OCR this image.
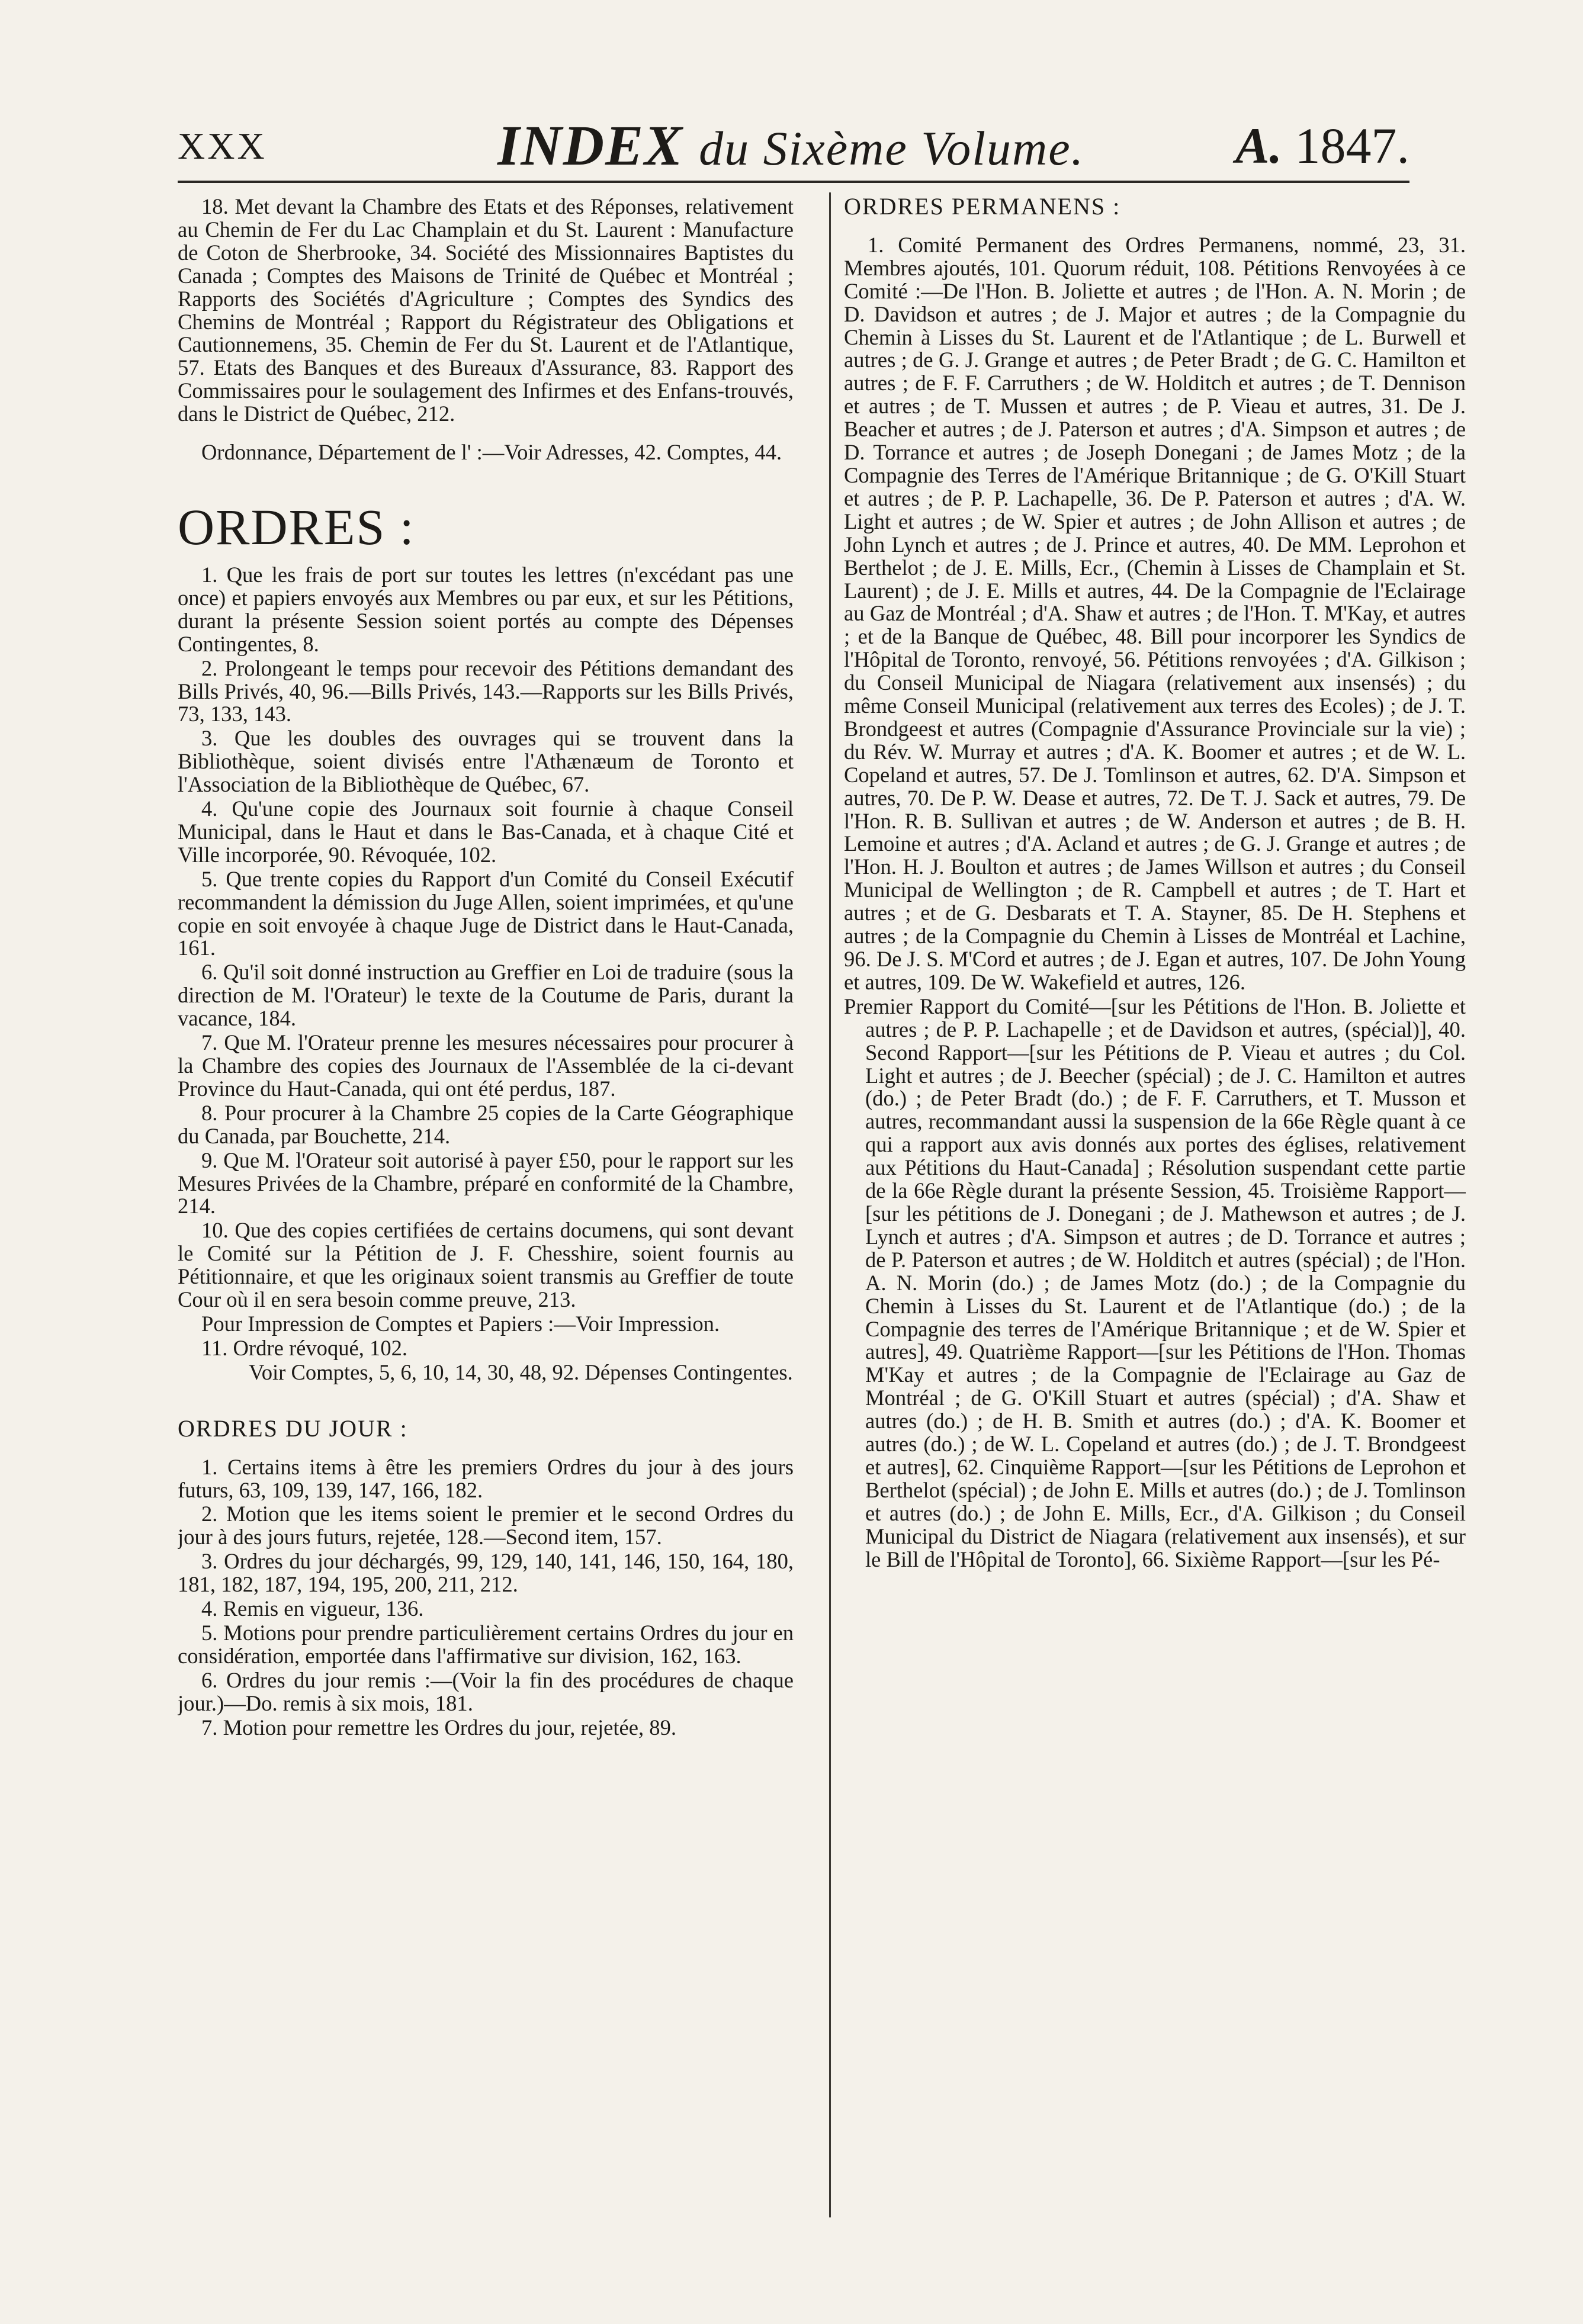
XXX	INDEX du Sixème Volume.	A. 1847.

18. Met devant la Chambre des Etats et des Réponses, relativement au Chemin de Fer du Lac Champlain et du St. Laurent : Manufacture de Coton de Sherbrooke, 34. Société des Missionnaires Baptistes du Canada ; Comptes des Maisons de Trinité de Québec et Montréal ; Rapports des Sociétés d'Agriculture ; Comptes des Syndics des Chemins de Montréal ; Rapport du Régistrateur des Obligations et Cautionnemens, 35. Chemin de Fer du St. Laurent et de l'Atlantique, 57. Etats des Banques et des Bureaux d'Assurance, 83. Rapport des Commissaires pour le soulagement des Infirmes et des Enfans-trouvés, dans le District de Québec, 212.

Ordonnance, Département de l' :—Voir Adresses, 42. Comptes, 44.

ORDRES :

1. Que les frais de port sur toutes les lettres (n'excédant pas une once) et papiers envoyés aux Membres ou par eux, et sur les Pétitions, durant la présente Session soient portés au compte des Dépenses Contingentes, 8.

2. Prolongeant le temps pour recevoir des Pétitions demandant des Bills Privés, 40, 96.—Bills Privés, 143.—Rapports sur les Bills Privés, 73, 133, 143.

3. Que les doubles des ouvrages qui se trouvent dans la Bibliothèque, soient divisés entre l'Athænæum de Toronto et l'Association de la Bibliothèque de Québec, 67.

4. Qu'une copie des Journaux soit fournie à chaque Conseil Municipal, dans le Haut et dans le Bas-Canada, et à chaque Cité et Ville incorporée, 90. Révoquée, 102.

5. Que trente copies du Rapport d'un Comité du Conseil Exécutif recommandent la démission du Juge Allen, soient imprimées, et qu'une copie en soit envoyée à chaque Juge de District dans le Haut-Canada, 161.

6. Qu'il soit donné instruction au Greffier en Loi de traduire (sous la direction de M. l'Orateur) le texte de la Coutume de Paris, durant la vacance, 184.

7. Que M. l'Orateur prenne les mesures nécessaires pour procurer à la Chambre des copies des Journaux de l'Assemblée de la ci-devant Province du Haut-Canada, qui ont été perdus, 187.

8. Pour procurer à la Chambre 25 copies de la Carte Géographique du Canada, par Bouchette, 214.

9. Que M. l'Orateur soit autorisé à payer £50, pour le rapport sur les Mesures Privées de la Chambre, préparé en conformité de la Chambre, 214.

10. Que des copies certifiées de certains documens, qui sont devant le Comité sur la Pétition de J. F. Chesshire, soient fournis au Pétitionnaire, et que les originaux soient transmis au Greffier de toute Cour où il en sera besoin comme preuve, 213.

Pour Impression de Comptes et Papiers :—Voir Impression.

11. Ordre révoqué, 102.

Voir Comptes, 5, 6, 10, 14, 30, 48, 92. Dépenses Contingentes.

ORDRES DU JOUR :

1. Certains items à être les premiers Ordres du jour à des jours futurs, 63, 109, 139, 147, 166, 182.

2. Motion que les items soient le premier et le second Ordres du jour à des jours futurs, rejetée, 128.—Second item, 157.

3. Ordres du jour déchargés, 99, 129, 140, 141, 146, 150, 164, 180, 181, 182, 187, 194, 195, 200, 211, 212.

4. Remis en vigueur, 136.

5. Motions pour prendre particulièrement certains Ordres du jour en considération, emportée dans l'affirmative sur division, 162, 163.

6. Ordres du jour remis :—(Voir la fin des procédures de chaque jour.)—Do. remis à six mois, 181.

7. Motion pour remettre les Ordres du jour, rejetée, 89.

ORDRES PERMANENS :

1. Comité Permanent des Ordres Permanens, nommé, 23, 31. Membres ajoutés, 101. Quorum réduit, 108. Pétitions Renvoyées à ce Comité :—De l'Hon. B. Joliette et autres ; de l'Hon. A. N. Morin ; de D. Davidson et autres ; de J. Major et autres ; de la Compagnie du Chemin à Lisses du St. Laurent et de l'Atlantique ; de L. Burwell et autres ; de G. J. Grange et autres ; de Peter Bradt ; de G. C. Hamilton et autres ; de F. F. Carruthers ; de W. Holditch et autres ; de T. Dennison et autres ; de T. Mussen et autres ; de P. Vieau et autres, 31. De J. Beacher et autres ; de J. Paterson et autres ; d'A. Simpson et autres ; de D. Torrance et autres ; de Joseph Donegani ; de James Motz ; de la Compagnie des Terres de l'Amérique Britannique ; de G. O'Kill Stuart et autres ; de P. P. Lachapelle, 36. De P. Paterson et autres ; d'A. W. Light et autres ; de W. Spier et autres ; de John Allison et autres ; de John Lynch et autres ; de J. Prince et autres, 40. De MM. Leprohon et Berthelot ; de J. E. Mills, Ecr., (Chemin à Lisses de Champlain et St. Laurent) ; de J. E. Mills et autres, 44. De la Compagnie de l'Eclairage au Gaz de Montréal ; d'A. Shaw et autres ; de l'Hon. T. M'Kay, et autres ; et de la Banque de Québec, 48. Bill pour incorporer les Syndics de l'Hôpital de Toronto, renvoyé, 56. Pétitions renvoyées ; d'A. Gilkison ; du Conseil Municipal de Niagara (relativement aux insensés) ; du même Conseil Municipal (relativement aux terres des Ecoles) ; de J. T. Brondgeest et autres (Compagnie d'Assurance Provinciale sur la vie) ; du Rév. W. Murray et autres ; d'A. K. Boomer et autres ; et de W. L. Copeland et autres, 57. De J. Tomlinson et autres, 62. D'A. Simpson et autres, 70. De P. W. Dease et autres, 72. De T. J. Sack et autres, 79. De l'Hon. R. B. Sullivan et autres ; de W. Anderson et autres ; de B. H. Lemoine et autres ; d'A. Acland et autres ; de G. J. Grange et autres ; de l'Hon. H. J. Boulton et autres ; de James Willson et autres ; du Conseil Municipal de Wellington ; de R. Campbell et autres ; de T. Hart et autres ; et de G. Desbarats et T. A. Stayner, 85. De H. Stephens et autres ; de la Compagnie du Chemin à Lisses de Montréal et Lachine, 96. De J. S. M'Cord et autres ; de J. Egan et autres, 107. De John Young et autres, 109. De W. Wakefield et autres, 126.

Premier Rapport du Comité—[sur les Pétitions de l'Hon. B. Joliette et autres ; de P. P. Lachapelle ; et de Davidson et autres, (spécial)], 40. Second Rapport—[sur les Pétitions de P. Vieau et autres ; du Col. Light et autres ; de J. Beecher (spécial) ; de J. C. Hamilton et autres (do.) ; de Peter Bradt (do.) ; de F. F. Carruthers, et T. Musson et autres, recommandant aussi la suspension de la 66e Règle quant à ce qui a rapport aux avis donnés aux portes des églises, relativement aux Pétitions du Haut-Canada] ; Résolution suspendant cette partie de la 66e Règle durant la présente Session, 45. Troisième Rapport—[sur les pétitions de J. Donegani ; de J. Mathewson et autres ; de J. Lynch et autres ; d'A. Simpson et autres ; de D. Torrance et autres ; de P. Paterson et autres ; de W. Holditch et autres (spécial) ; de l'Hon. A. N. Morin (do.) ; de James Motz (do.) ; de la Compagnie du Chemin à Lisses du St. Laurent et de l'Atlantique (do.) ; de la Compagnie des terres de l'Amérique Britannique ; et de W. Spier et autres], 49. Quatrième Rapport—[sur les Pétitions de l'Hon. Thomas M'Kay et autres ; de la Compagnie de l'Eclairage au Gaz de Montréal ; de G. O'Kill Stuart et autres (spécial) ; d'A. Shaw et autres (do.) ; de H. B. Smith et autres (do.) ; d'A. K. Boomer et autres (do.) ; de W. L. Copeland et autres (do.) ; de J. T. Brondgeest et autres], 62. Cinquième Rapport—[sur les Pétitions de Leprohon et Berthelot (spécial) ; de John E. Mills et autres (do.) ; de J. Tomlinson et autres (do.) ; de John E. Mills, Ecr., d'A. Gilkison ; du Conseil Municipal du District de Niagara (relativement aux insensés), et sur le Bill de l'Hôpital de Toronto], 66. Sixième Rapport—[sur les Pé-
